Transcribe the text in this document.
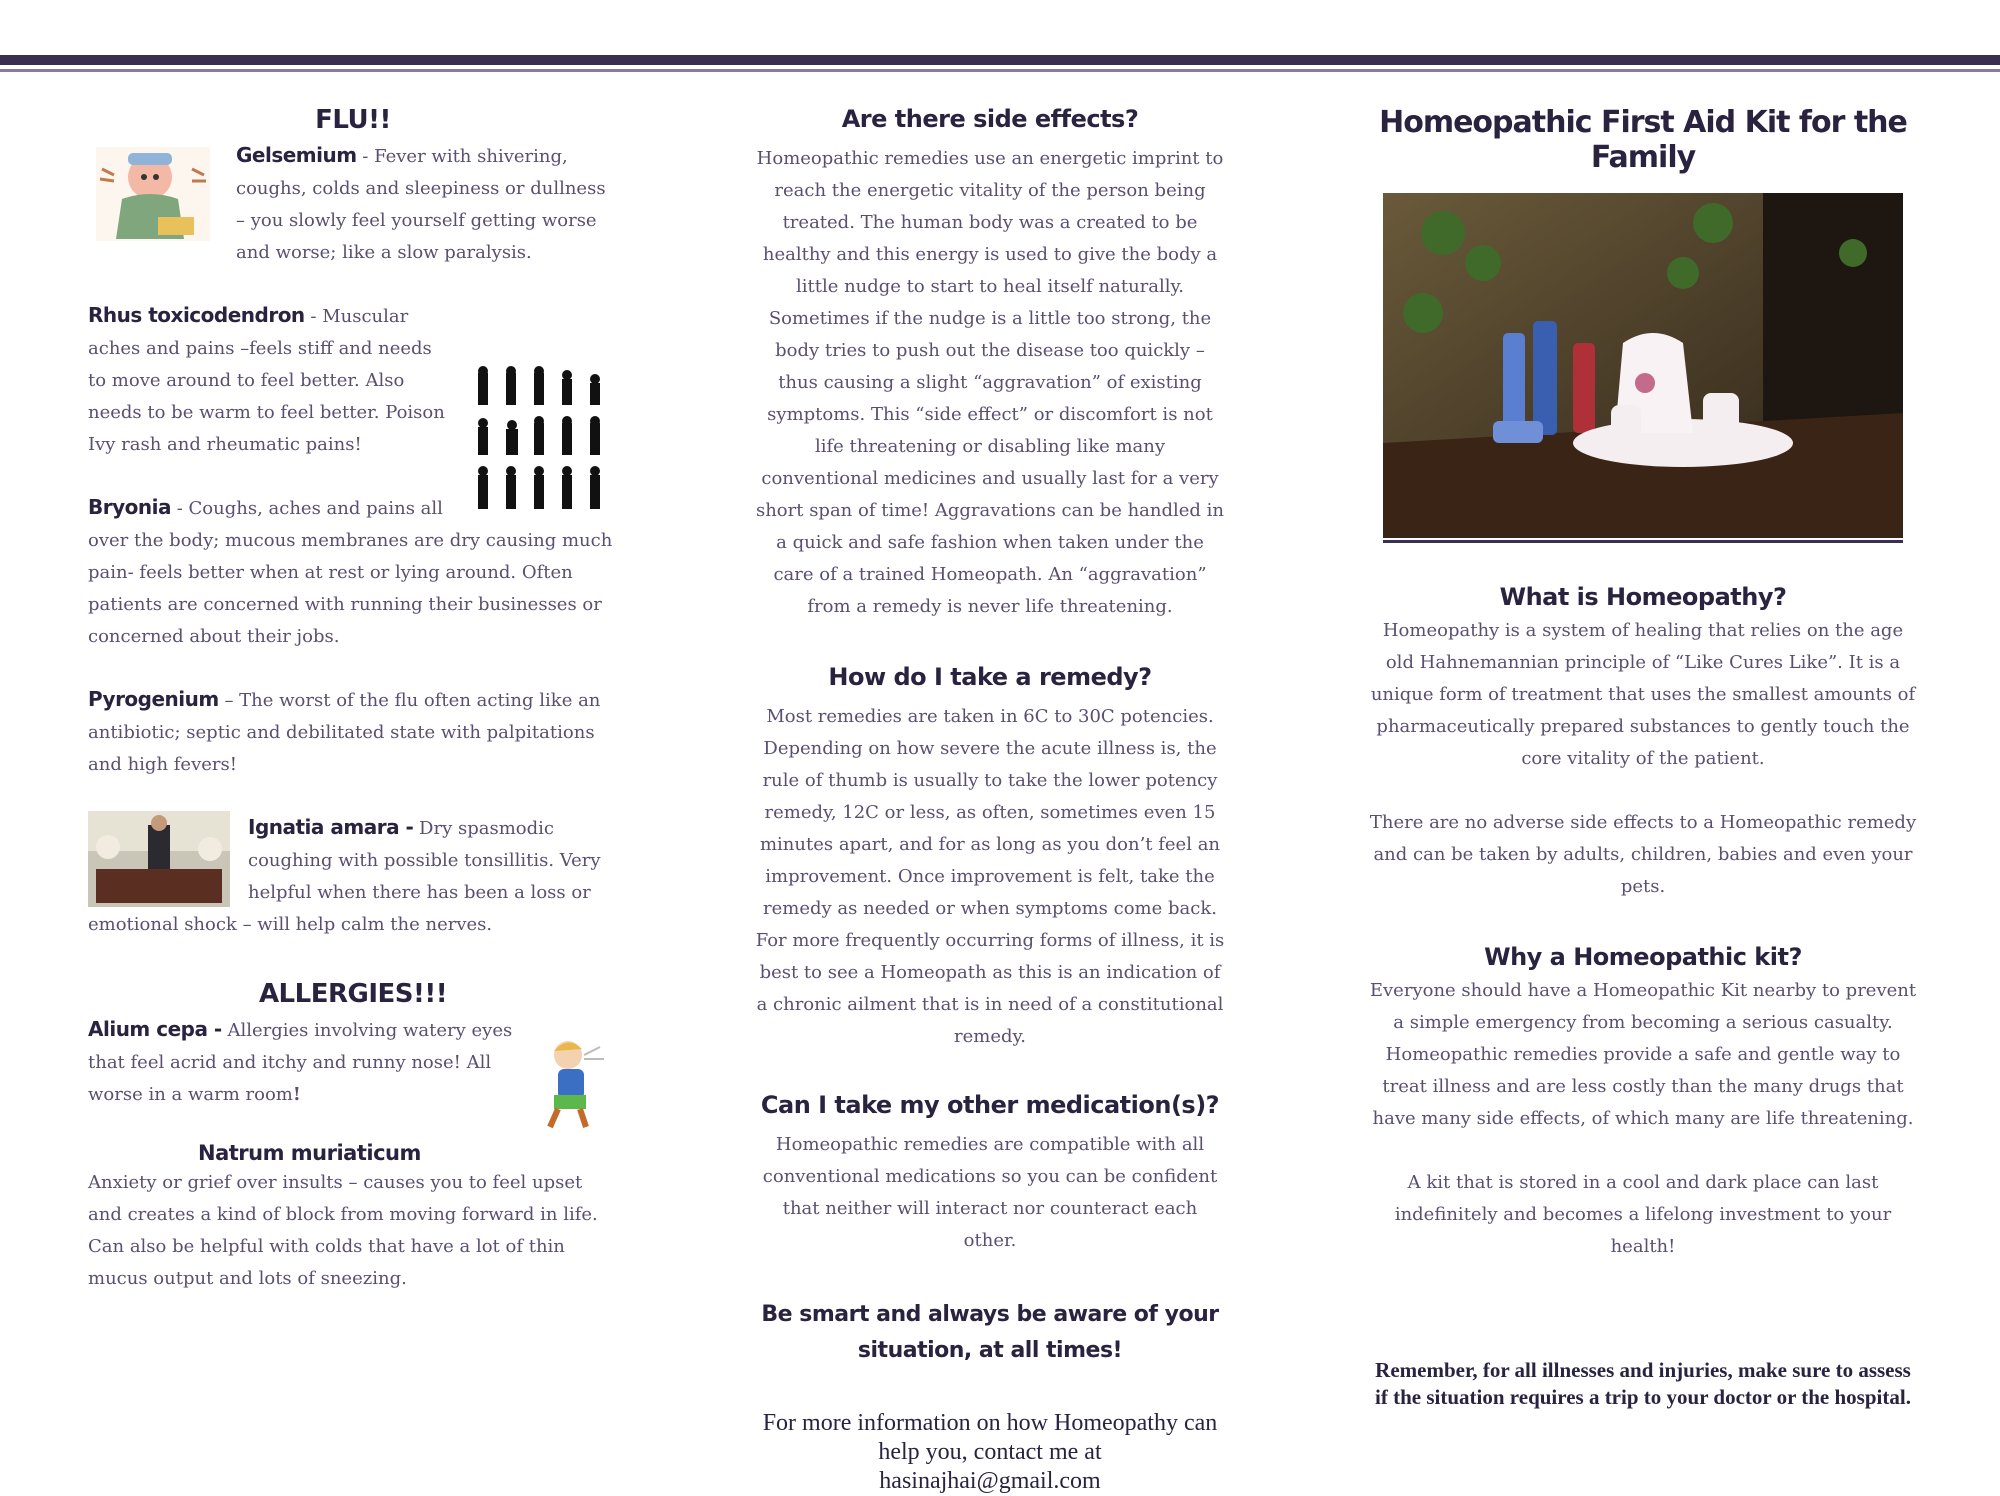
FLU!!

Gelsemium - Fever with shivering, coughs, colds and sleepiness or dullness – you slowly feel yourself getting worse and worse; like a slow paralysis.

Rhus toxicodendron - Muscular aches and pains –feels stiff and needs to move around to feel better. Also needs to be warm to feel better. Poison Ivy rash and rheumatic pains!

Bryonia - Coughs, aches and pains all over the body; mucous membranes are dry causing much pain- feels better when at rest or lying around. Often patients are concerned with running their businesses or concerned about their jobs.

Pyrogenium – The worst of the flu often acting like an antibiotic; septic and debilitated state with palpitations and high fevers!

Ignatia amara - Dry spasmodic coughing with possible tonsillitis. Very helpful when there has been a loss or emotional shock – will help calm the nerves.

ALLERGIES!!!

Alium cepa - Allergies involving watery eyes that feel acrid and itchy and runny nose! All worse in a warm room!

Natrum muriaticum

Anxiety or grief over insults – causes you to feel upset and creates a kind of block from moving forward in life. Can also be helpful with colds that have a lot of thin mucus output and lots of sneezing.

Are there side effects?

Homeopathic remedies use an energetic imprint to reach the energetic vitality of the person being treated. The human body was a created to be healthy and this energy is used to give the body a little nudge to start to heal itself naturally. Sometimes if the nudge is a little too strong, the body tries to push out the disease too quickly – thus causing a slight “aggravation” of existing symptoms. This “side effect” or discomfort is not life threatening or disabling like many conventional medicines and usually last for a very short span of time! Aggravations can be handled in a quick and safe fashion when taken under the care of a trained Homeopath. An “aggravation” from a remedy is never life threatening.

How do I take a remedy?

Most remedies are taken in 6C to 30C potencies. Depending on how severe the acute illness is, the rule of thumb is usually to take the lower potency remedy, 12C or less, as often, sometimes even 15 minutes apart, and for as long as you don’t feel an improvement. Once improvement is felt, take the remedy as needed or when symptoms come back. For more frequently occurring forms of illness, it is best to see a Homeopath as this is an indication of a chronic ailment that is in need of a constitutional remedy.

Can I take my other medication(s)?

Homeopathic remedies are compatible with all conventional medications so you can be confident that neither will interact nor counteract each other.

Be smart and always be aware of your situation, at all times!

For more information on how Homeopathy can help you, contact me at

hasinajhai@gmail.com

Homeopathic First Aid Kit for the Family
What is Homeopathy?

Homeopathy is a system of healing that relies on the age old Hahnemannian principle of “Like Cures Like”. It is a unique form of treatment that uses the smallest amounts of pharmaceutically prepared substances to gently touch the core vitality of the patient.

There are no adverse side effects to a Homeopathic remedy and can be taken by adults, children, babies and even your pets.

Why a Homeopathic kit?

Everyone should have a Homeopathic Kit nearby to prevent a simple emergency from becoming a serious casualty. Homeopathic remedies provide a safe and gentle way to treat illness and are less costly than the many drugs that have many side effects, of which many are life threatening.

A kit that is stored in a cool and dark place can last indefinitely and becomes a lifelong investment to your health!

Remember, for all illnesses and injuries, make sure to assess if the situation requires a trip to your doctor or the hospital.
